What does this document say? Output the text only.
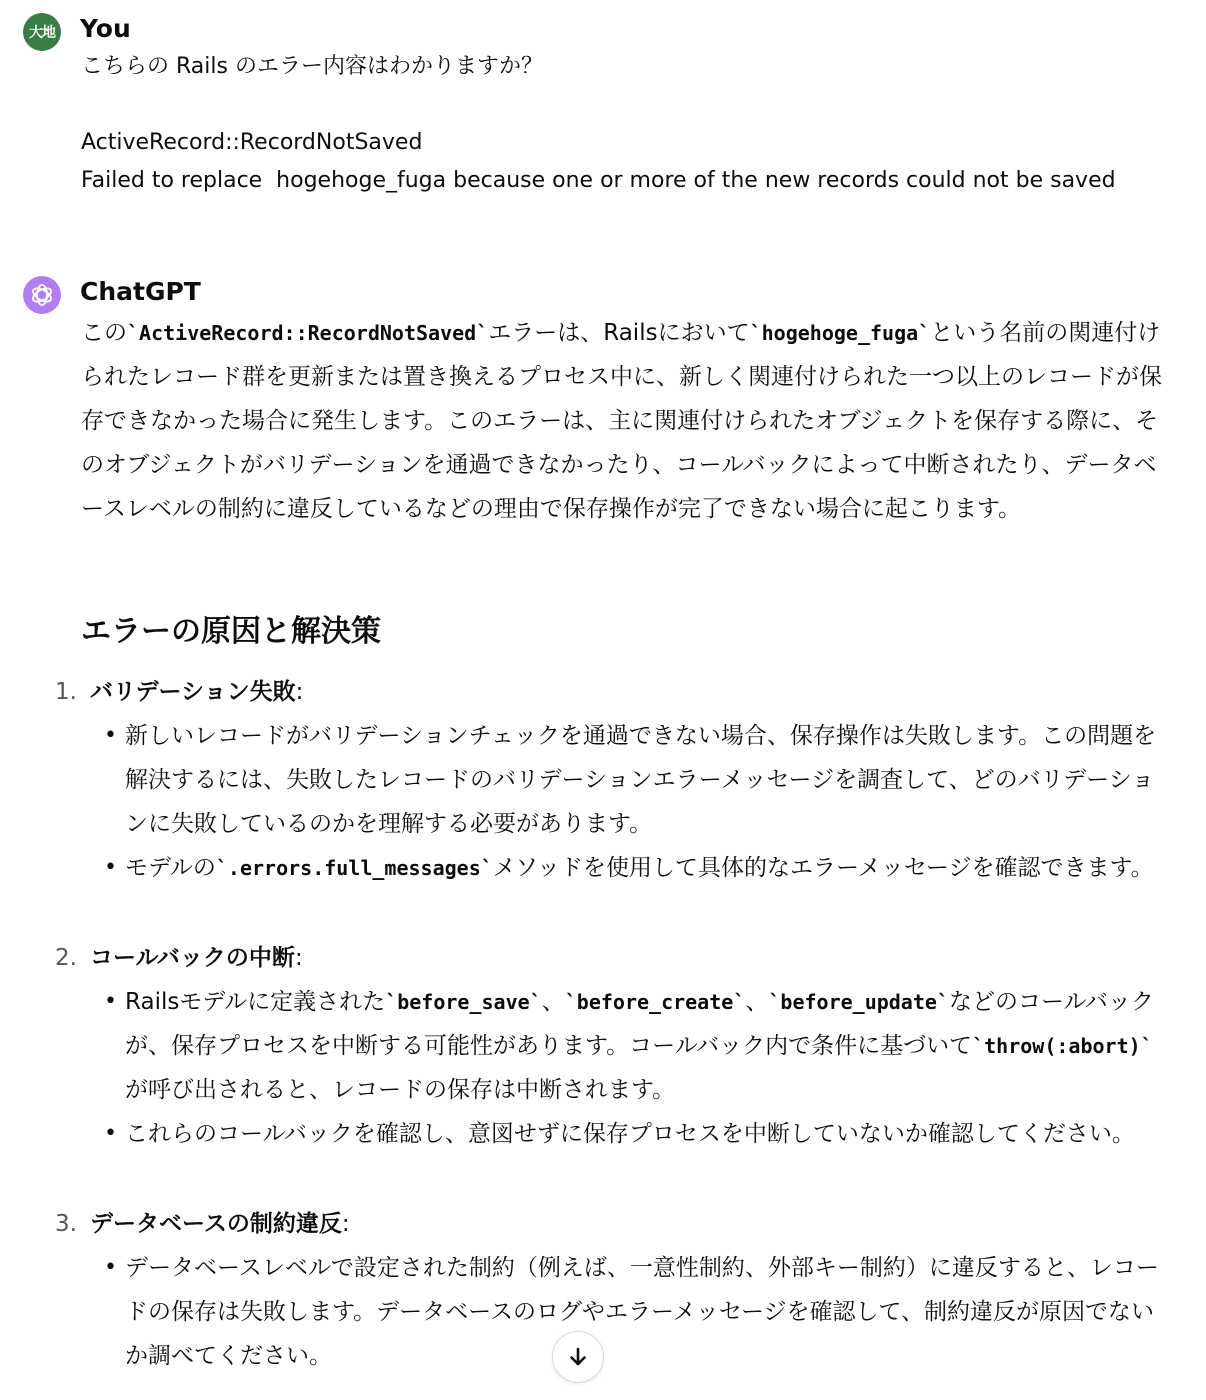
大地 You
こちらの Rails のエラー内容はわかりますか？
ActiveRecord::RecordNotSaved
Failed to replace  hogehoge_fuga because one or more of the new records could not be saved
ChatGPT
この`ActiveRecord::RecordNotSaved`エラーは、Railsにおいて`hogehoge_fuga`という名前の関連付けられたレコード群を更新または置き換えるプロセス中に、新しく関連付けられた一つ以上のレコードが保存できなかった場合に発生します。このエラーは、主に関連付けられたオブジェクトを保存する際に、そのオブジェクトがバリデーションを通過できなかったり、コールバックによって中断されたり、データベースレベルの制約に違反しているなどの理由で保存操作が完了できない場合に起こります。
エラーの原因と解決策
1. バリデーション失敗:
• 新しいレコードがバリデーションチェックを通過できない場合、保存操作は失敗します。この問題を解決するには、失敗したレコードのバリデーションエラーメッセージを調査して、どのバリデーションに失敗しているのかを理解する必要があります。
• モデルの`.errors.full_messages`メソッドを使用して具体的なエラーメッセージを確認できます。
2. コールバックの中断:
• Railsモデルに定義された`before_save`、`before_create`、`before_update`などのコールバックが、保存プロセスを中断する可能性があります。コールバック内で条件に基づいて`throw(:abort)`が呼び出されると、レコードの保存は中断されます。
• これらのコールバックを確認し、意図せずに保存プロセスを中断していないか確認してください。
3. データベースの制約違反:
• データベースレベルで設定された制約（例えば、一意性制約、外部キー制約）に違反すると、レコードの保存は失敗します。データベースのログやエラーメッセージを確認して、制約違反が原因でないか調べてください。
